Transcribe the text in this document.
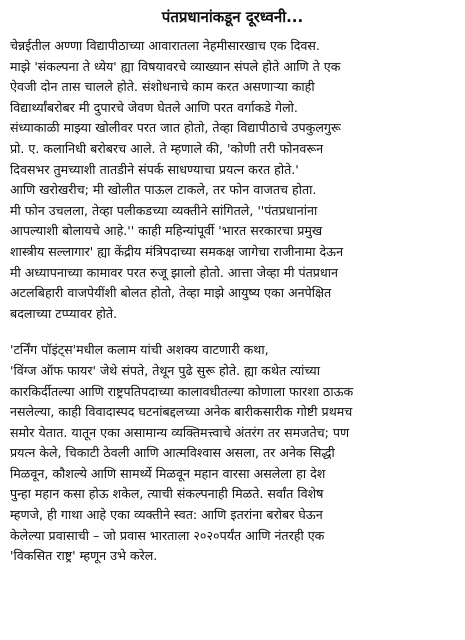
पंतप्रधानांकडून दूरध्वनी...
चेन्नईतील अण्णा विद्यापीठाच्या आवारातला नेहमीसारखाच एक दिवस.
माझे 'संकल्पना ते ध्येय' ह्या विषयावरचे व्याख्यान संपले होते आणि ते एक
ऐवजी दोन तास चालले होते. संशोधनाचे काम करत असणाऱ्या काही
विद्यार्थ्यांबरोबर मी दुपारचे जेवण घेतले आणि परत वर्गाकडे गेलो.
संध्याकाळी माझ्या खोलीवर परत जात होतो, तेव्हा विद्यापीठाचे उपकुलगुरू
प्रो. ए. कलानिधी बरोबरच आले. ते म्हणाले की, 'कोणी तरी फोनवरून
दिवसभर तुमच्याशी तातडीने संपर्क साधण्याचा प्रयत्न करत होते.'
आणि खरोखरीच; मी खोलीत पाऊल टाकले, तर फोन वाजतच होता.
मी फोन उचलला, तेव्हा पलीकडच्या व्यक्तीने सांगितले, ''पंतप्रधानांना
आपल्याशी बोलायचे आहे.'' काही महिन्यांपूर्वी 'भारत सरकारचा प्रमुख
शास्त्रीय सल्लागार' ह्या केंद्रीय मंत्रिपदाच्या समकक्ष जागेचा राजीनामा देऊन
मी अध्यापनाच्या कामावर परत रुजू झालो होतो. आत्ता जेव्हा मी पंतप्रधान
अटलबिहारी वाजपेयींशी बोलत होतो, तेव्हा माझे आयुष्य एका अनपेक्षित
बदलाच्या टप्प्यावर होते.
'टर्निंग पॉइंट्स'मधील कलाम यांची अशक्य वाटणारी कथा,
'विंग्ज ऑफ फायर' जेथे संपते, तेथून पुढे सुरू होते. ह्या कथेत त्यांच्या
कारकिर्दीतल्या आणि राष्ट्रपतिपदाच्या कालावधीतल्या कोणाला फारशा ठाऊक
नसलेल्या, काही विवादास्पद घटनांबद्दलच्या अनेक बारीकसारीक गोष्टी प्रथमच
समोर येतात. यातून एका असामान्य व्यक्तिमत्त्वाचे अंतरंग तर समजतेच; पण
प्रयत्न केले, चिकाटी ठेवली आणि आत्मविश्वास असला, तर अनेक सिद्धी
मिळवून, कौशल्ये आणि सामर्थ्ये मिळवून महान वारसा असलेला हा देश
पुन्हा महान कसा होऊ शकेल, त्याची संकल्पनाही मिळते. सर्वांत विशेष
म्हणजे, ही गाथा आहे एका व्यक्तीने स्वत: आणि इतरांना बरोबर घेऊन
केलेल्या प्रवासाची – जो प्रवास भारताला २०२०पर्यंत आणि नंतरही एक
'विकसित राष्ट्र' म्हणून उभे करेल.
